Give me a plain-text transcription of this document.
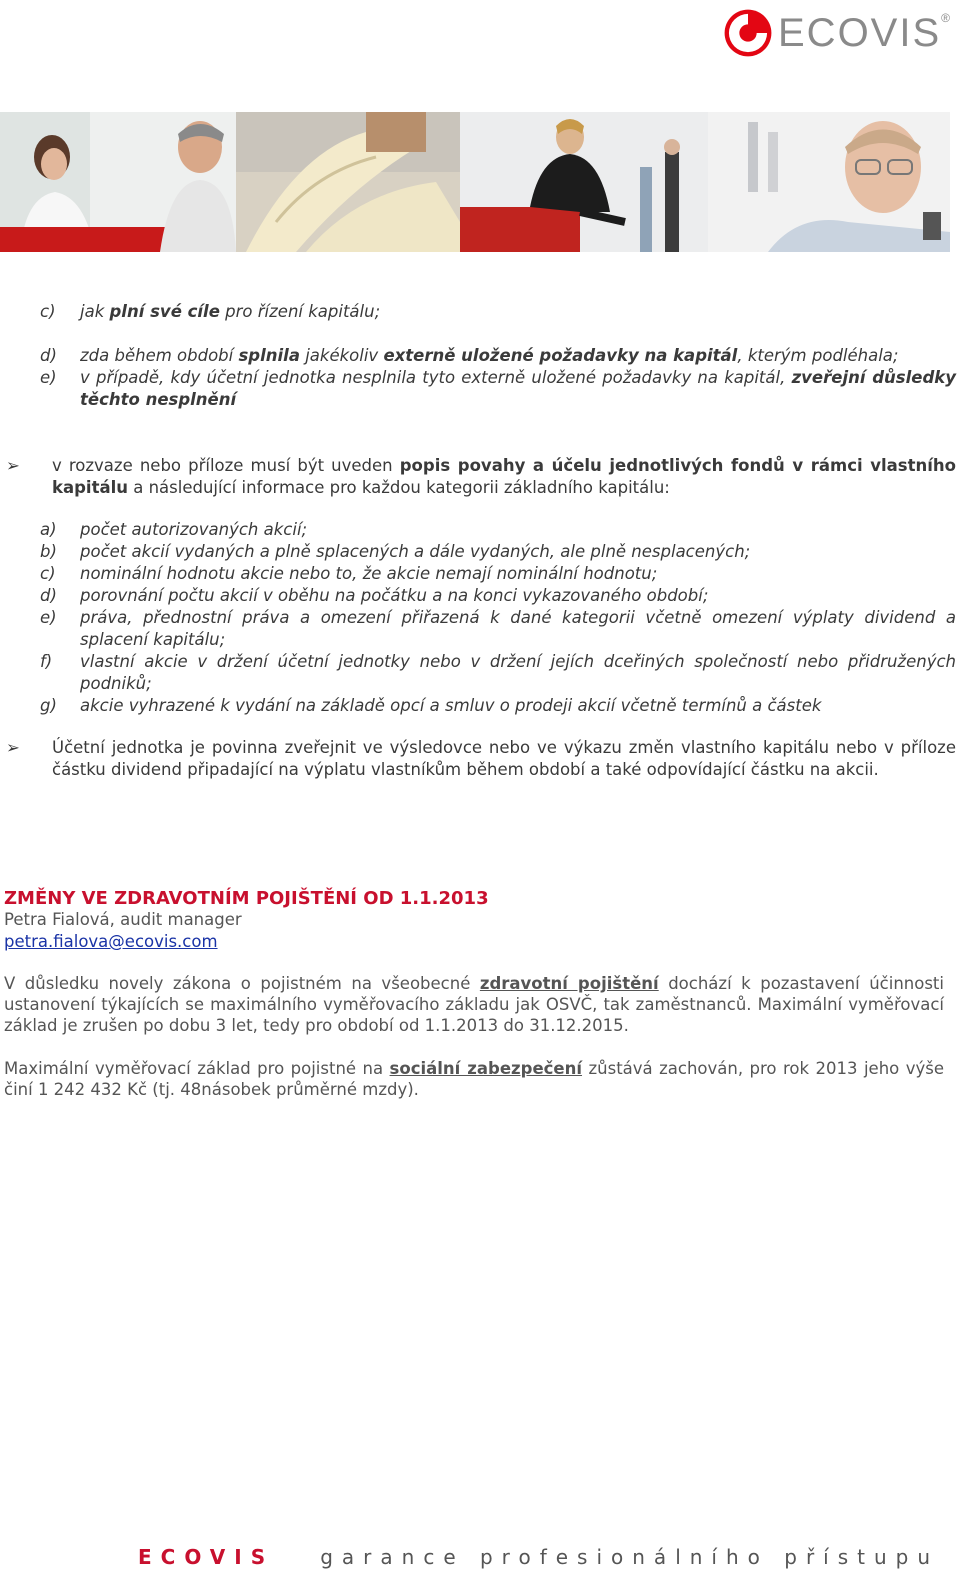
ECOVIS®
c)	jak plní své cíle pro řízení kapitálu;
d)	zda během období splnila jakékoliv externě uložené požadavky na kapitál, kterým podléhala;
e)	v případě, kdy účetní jednotka nesplnila tyto externě uložené požadavky na kapitál, zveřejní důsledky těchto nesplnění
➢	v rozvaze nebo příloze musí být uveden popis povahy a účelu jednotlivých fondů v rámci vlastního kapitálu a následující informace pro každou kategorii základního kapitálu:
a)	počet autorizovaných akcií;
b)	počet akcií vydaných a plně splacených a dále vydaných, ale plně nesplacených;
c)	nominální hodnotu akcie nebo to, že akcie nemají nominální hodnotu;
d)	porovnání počtu akcií v oběhu na počátku a na konci vykazovaného období;
e)	práva, přednostní práva a omezení přiřazená k dané kategorii včetně omezení výplaty dividend a splacení kapitálu;
f)	vlastní akcie v držení účetní jednotky nebo v držení jejích dceřiných společností nebo přidružených podniků;
g)	akcie vyhrazené k vydání na základě opcí a smluv o prodeji akcií včetně termínů a částek
➢	Účetní jednotka je povinna zveřejnit ve výsledovce nebo ve výkazu změn vlastního kapitálu nebo v příloze částku dividend připadající na výplatu vlastníkům během období a také odpovídající částku na akcii.
ZMĚNY VE ZDRAVOTNÍM POJIŠTĚNÍ OD 1.1.2013
Petra Fialová, audit manager
petra.fialova@ecovis.com
V důsledku novely zákona o pojistném na všeobecné zdravotní pojištění dochází k pozastavení účinnosti ustanovení týkajících se maximálního vyměřovacího základu jak OSVČ, tak zaměstnanců. Maximální vyměřovací základ je zrušen po dobu 3 let, tedy pro období od 1.1.2013 do 31.12.2015.
Maximální vyměřovací základ pro pojistné na sociální zabezpečení zůstává zachován, pro rok 2013 jeho výše činí 1 242 432 Kč (tj. 48násobek průměrné mzdy).
ECOVIS garance profesionálního přístupu
